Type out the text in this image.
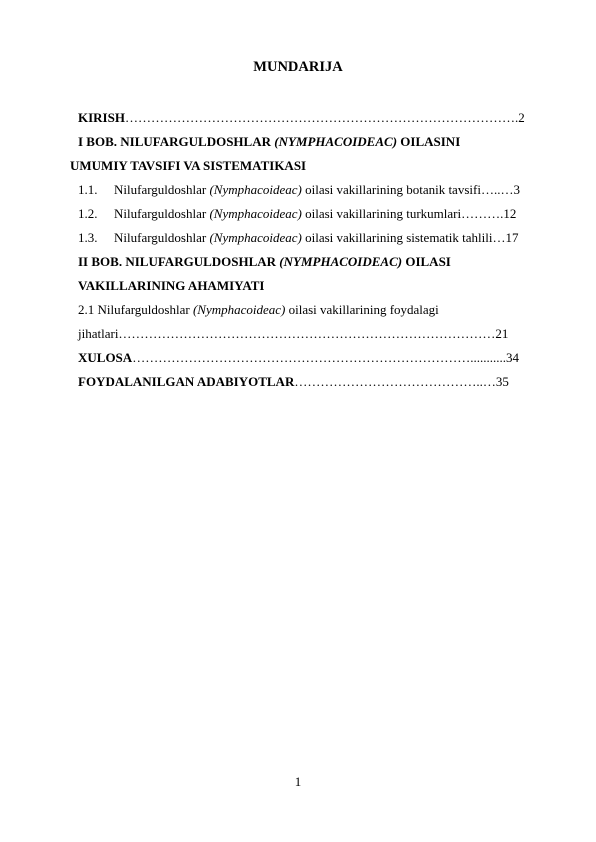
MUNDARIJA
KIRISH……………………………………………………………………………….2
I BOB. NILUFARGULDOSHLAR (NYMPHACOIDEAC) OILASINI
UMUMIY TAVSIFI VA SISTEMATIKASI
1.1. Nilufarguldoshlar (Nymphacoideac) oilasi vakillarining botanik tavsifi…..…3
1.2. Nilufarguldoshlar (Nymphacoideac) oilasi vakillarining turkumlari……….12
1.3. Nilufarguldoshlar (Nymphacoideac) oilasi vakillarining sistematik tahlili…17
II BOB. NILUFARGULDOSHLAR (NYMPHACOIDEAC) OILASI
VAKILLARINING AHAMIYATI
2.1 Nilufarguldoshlar (Nymphacoideac) oilasi vakillarining foydalagi
jihatlari……………………………………………………………………………21
XULOSA……………………………………………………………………...........34
FOYDALANILGAN ADABIYOTLAR……………………………………..…35
1
